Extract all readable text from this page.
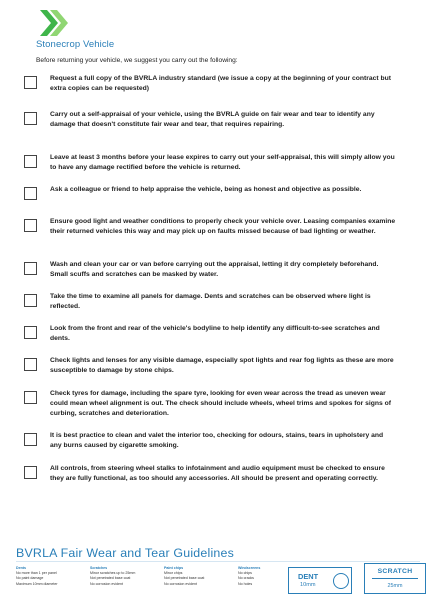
Stonecrop Vehicle
Before returning your vehicle, we suggest you carry out the following:
Request a full copy of the BVRLA industry standard (we issue a copy at the beginning of your contract but extra copies can be requested)
Carry out a self-appraisal of your vehicle, using the BVRLA guide on fair wear and tear to identify any damage that doesn't constitute fair wear and tear, that requires repairing.
Leave at least 3 months before your lease expires to carry out your self-appraisal, this will simply allow you to have any damage rectified before the vehicle is returned.
Ask a colleague or friend to help appraise the vehicle, being as honest and objective as possible.
Ensure good light and weather conditions to properly check your vehicle over. Leasing companies examine their returned vehicles this way and may pick up on faults missed because of bad lighting or weather.
Wash and clean your car or van before carrying out the appraisal, letting it dry completely beforehand. Small scuffs and scratches can be masked by water.
Take the time to examine all panels for damage. Dents and scratches can be observed where light is reflected.
Look from the front and rear of the vehicle's bodyline to help identify any difficult-to-see scratches and dents.
Check lights and lenses for any visible damage, especially spot lights and rear fog lights as these are more susceptible to damage by stone chips.
Check tyres for damage, including the spare tyre, looking for even wear across the tread as uneven wear could mean wheel alignment is out. The check should include wheels, wheel trims and spokes for signs of curbing, scratches and deterioration.
It is best practice to clean and valet the interior too, checking for odours, stains, tears in upholstery and any burns caused by cigarette smoking.
All controls, from steering wheel stalks to infotainment and audio equipment must be checked to ensure they are fully functional, as too should any accessories. All should be present and operating correctly.
BVRLA Fair Wear and Tear Guidelines
Dents
No more than 1 per panel
No paint damage
Maximum 10mm diameter
Scratches
Minor scratches up to 25mm
Not penetrated base coat
No corrosion evident
Paint chips
Minor chips
Not penetrated base coat
No corrosion evident
Windscreens
No chips
No cracks
No holes
DENT
10mm
SCRATCH
25mm
